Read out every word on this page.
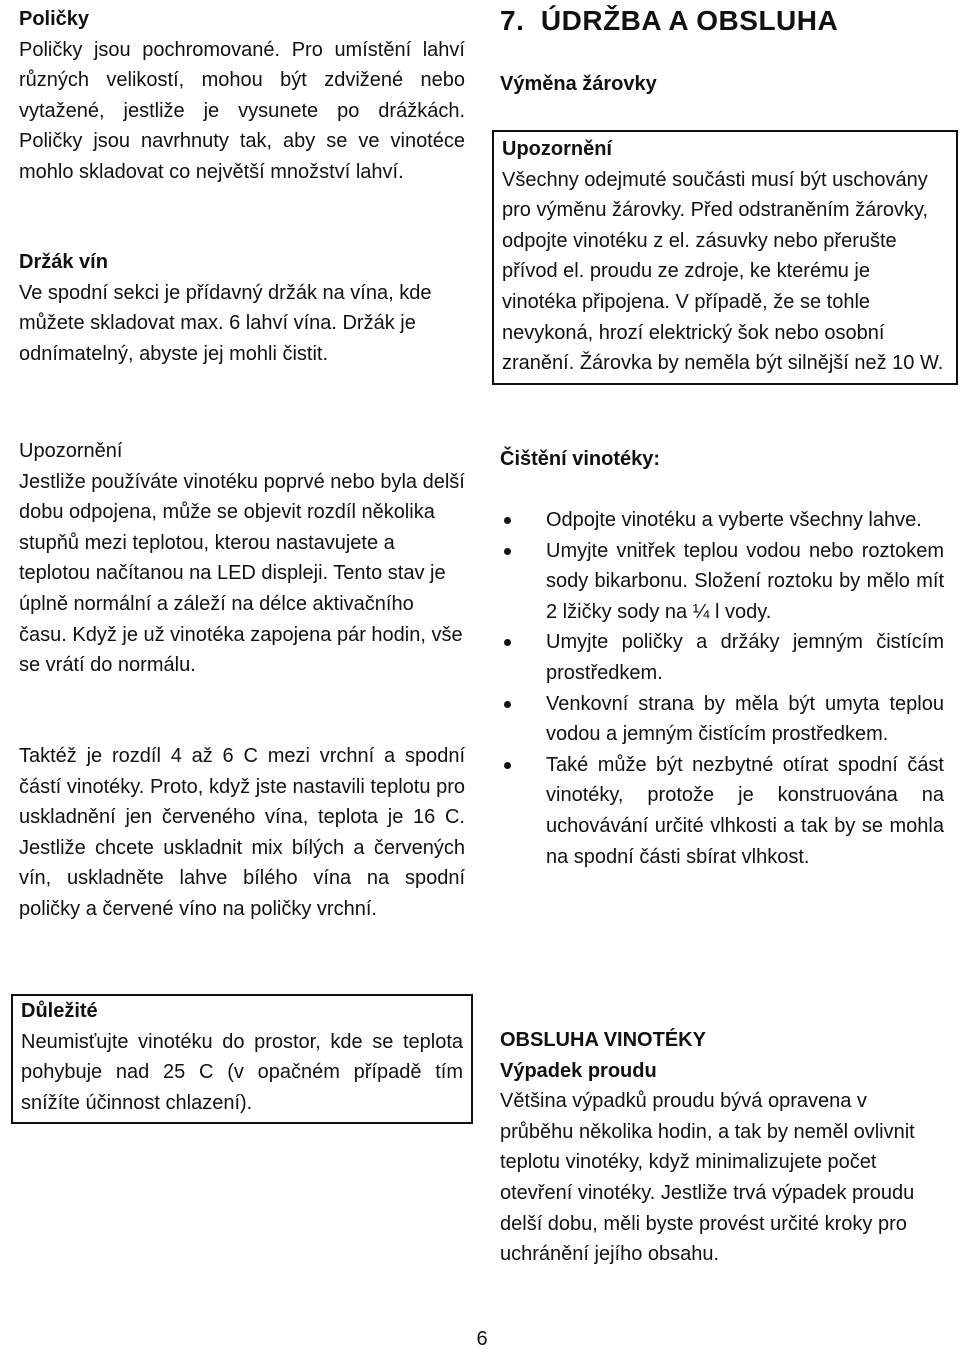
Poličky

Poličky jsou pochromované. Pro umístění lahví různých velikostí, mohou být zdvižené nebo vytažené, jestliže je vysunete po drážkách. Poličky jsou navrhnuty tak, aby se ve vinotéce mohlo skladovat co největší množství lahví.

Držák vín

Ve spodní sekci je přídavný držák na vína, kde můžete skladovat max. 6 lahví vína. Držák je odnímatelný, abyste jej mohli čistit.

Upozornění

Jestliže používáte vinotéku poprvé nebo byla delší dobu odpojena, může se objevit rozdíl několika stupňů mezi teplotou, kterou nastavujete a teplotou načítanou na LED displeji. Tento stav je úplně normální a záleží na délce aktivačního času. Když je už vinotéka zapojena pár hodin, vše se vrátí do normálu.

Taktéž je rozdíl 4 až 6 C mezi vrchní a spodní částí vinotéky. Proto, když jste nastavili teplotu pro uskladnění jen červeného vína, teplota je 16 C. Jestliže chcete uskladnit mix bílých a červených vín, uskladněte lahve bílého vína na spodní poličky a červené víno na poličky vrchní.

Důležité

Neumisťujte vinotéku do prostor, kde se teplota pohybuje nad 25 C (v opačném případě tím snížíte účinnost chlazení).

7.  ÚDRŽBA A OBSLUHA
Výměna žárovky
Upozornění

Všechny odejmuté součásti musí být uschovány pro výměnu žárovky. Před odstraněním žárovky, odpojte vinotéku z el. zásuvky nebo přerušte přívod el. proudu ze zdroje, ke kterému je vinotéka připojena. V případě, že se tohle nevykoná, hrozí elektrický šok nebo osobní zranění. Žárovka by neměla být silnější než 10 W.

Čištění vinotéky:
Odpojte vinotéku a vyberte všechny lahve.
Umyjte vnitřek teplou vodou nebo roztokem sody bikarbonu. Složení roztoku by mělo mít 2 lžičky sody na ¼ l vody.
Umyjte poličky a držáky jemným čistícím prostředkem.
Venkovní strana by měla být umyta teplou vodou a jemným čistícím prostředkem.
Také může být nezbytné otírat spodní část vinotéky, protože je konstruována na uchovávání určité vlhkosti a tak by se mohla na spodní části sbírat vlhkost.
OBSLUHA VINOTÉKY
Výpadek proudu

Většina výpadků proudu bývá opravena v průběhu několika hodin, a tak by neměl ovlivnit teplotu vinotéky, když minimalizujete počet otevření vinotéky. Jestliže trvá výpadek proudu delší dobu, měli byste provést určité kroky pro uchránění jejího obsahu.

6
